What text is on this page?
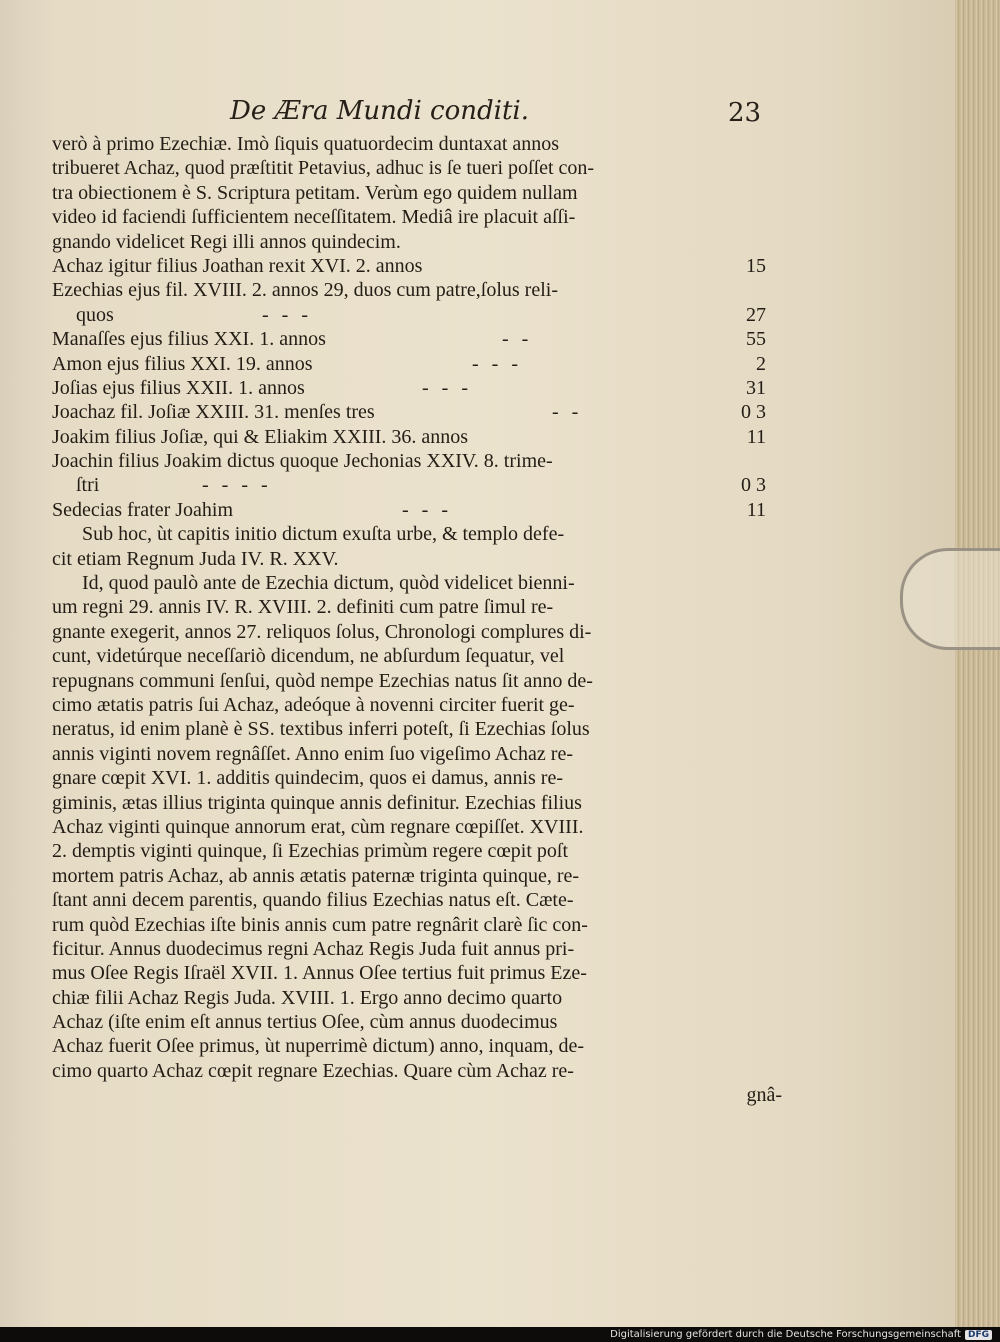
De Æra Mundi conditi.	23
verò à primo Ezechiæ. Imò ſiquis quatuordecim duntaxat annos
tribueret Achaz, quod præſtitit Petavius, adhuc is ſe tueri poſſet con-
tra obiectionem è S. Scriptura petitam. Verùm ego quidem nullam
video id faciendi ſufficientem neceſſitatem. Mediâ ire placuit aſſi-
gnando videlicet Regi illi annos quindecim.
Achaz igitur filius Joathan rexit XVI. 2. annos	15
Ezechias ejus fil. XVIII. 2. annos 29, duos cum patre,ſolus reli-
quos	- - -	27
Manaſſes ejus filius XXI. 1. annos	- -	55
Amon ejus filius XXI. 19. annos	- - -	2
Joſias ejus filius XXII. 1. annos	- - -	31
Joachaz fil. Joſiæ XXIII. 31. menſes tres	- -	0 3
Joakim filius Joſiæ, qui & Eliakim XXIII. 36. annos	11
Joachin filius Joakim dictus quoque Jechonias XXIV. 8. trime-
ſtri	- - - -	0 3
Sedecias frater Joahim	- - -	11
Sub hoc, ùt capitis initio dictum exuſta urbe, & templo defe-
cit etiam Regnum Juda IV. R. XXV.
Id, quod paulò ante de Ezechia dictum, quòd videlicet bienni-
um regni 29. annis IV. R. XVIII. 2. definiti cum patre ſimul re-
gnante exegerit, annos 27. reliquos ſolus, Chronologi complures di-
cunt, videtúrque neceſſariò dicendum, ne abſurdum ſequatur, vel
repugnans communi ſenſui, quòd nempe Ezechias natus ſit anno de-
cimo ætatis patris ſui Achaz, adeóque à novenni circiter fuerit ge-
neratus, id enim planè è SS. textibus inferri poteſt, ſi Ezechias ſolus
annis viginti novem regnâſſet. Anno enim ſuo vigeſimo Achaz re-
gnare cœpit XVI. 1. additis quindecim, quos ei damus, annis re-
giminis, ætas illius triginta quinque annis definitur. Ezechias filius
Achaz viginti quinque annorum erat, cùm regnare cœpiſſet. XVIII.
2. demptis viginti quinque, ſi Ezechias primùm regere cœpit poſt
mortem patris Achaz, ab annis ætatis paternæ triginta quinque, re-
ſtant anni decem parentis, quando filius Ezechias natus eſt. Cæte-
rum quòd Ezechias iſte binis annis cum patre regnârit clarè ſic con-
ficitur. Annus duodecimus regni Achaz Regis Juda fuit annus pri-
mus Oſee Regis Iſraël XVII. 1. Annus Oſee tertius fuit primus Eze-
chiæ filii Achaz Regis Juda. XVIII. 1. Ergo anno decimo quarto
Achaz (iſte enim eſt annus tertius Oſee, cùm annus duodecimus
Achaz fuerit Oſee primus, ùt nuperrimè dictum) anno, inquam, de-
cimo quarto Achaz cœpit regnare Ezechias. Quare cùm Achaz re-
gnâ-
Digitalisierung gefördert durch die Deutsche Forschungsgemeinschaft DFG
